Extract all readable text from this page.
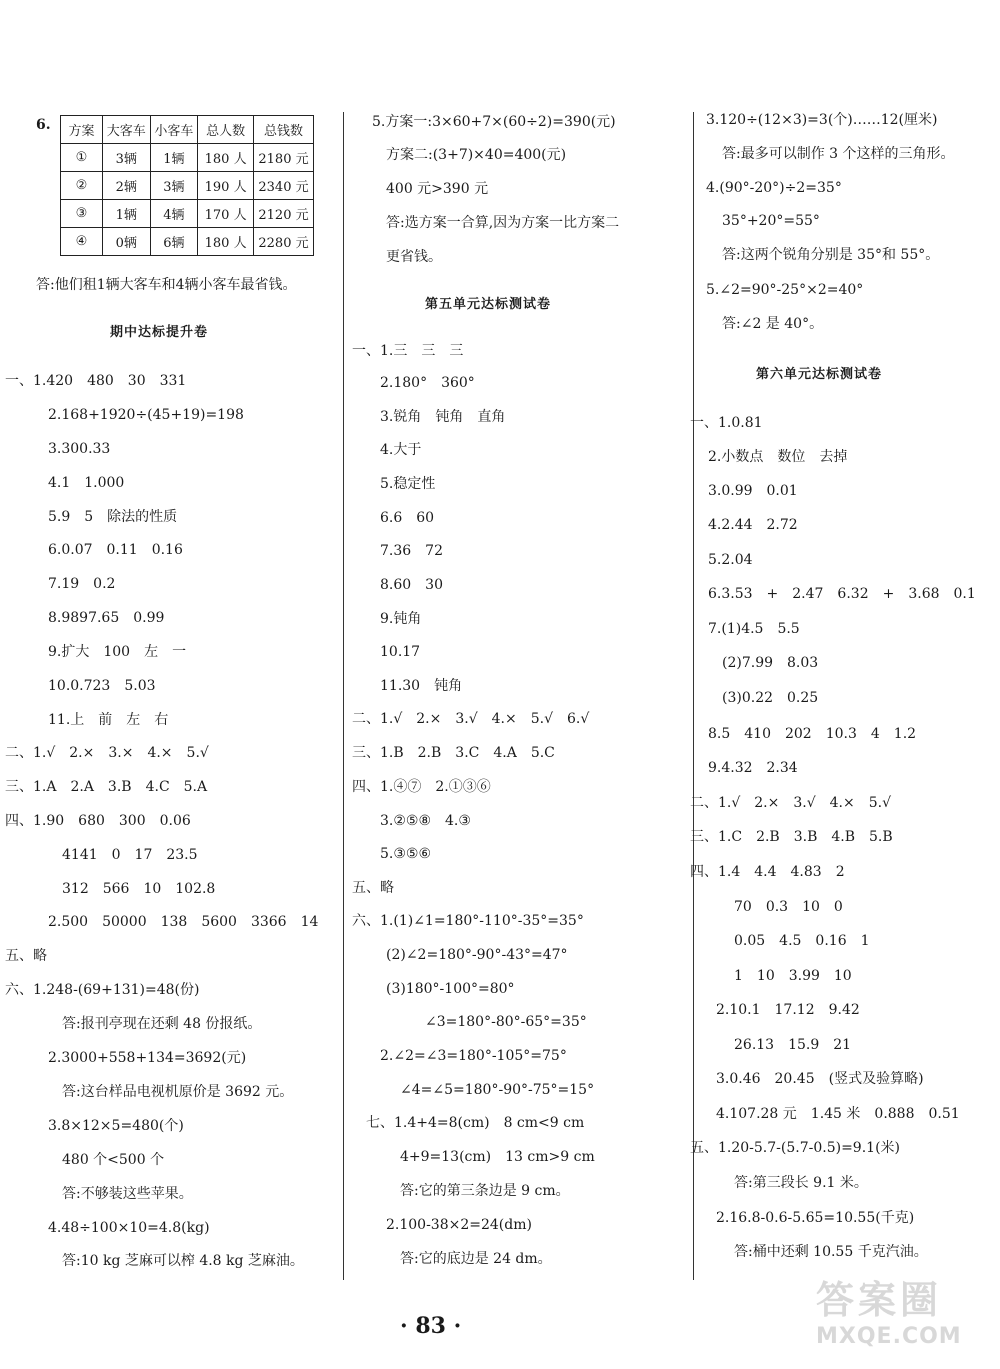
6. 方案	大客车	小客车	总人数	总钱数
①	3辆	1辆	180 人	2180 元
②	2辆	3辆	190 人	2340 元
③	1辆	4辆	170 人	2120 元
④	0辆	6辆	180 人	2280 元
答:他们租1辆大客车和4辆小客车最省钱。
期中达标提升卷
一、1.420　480　30　331
2.168+1920÷(45+19)=198
3.300.33
4.1　1.000
5.9　5　除法的性质
6.0.07　0.11　0.16
7.19　0.2
8.9897.65　0.99
9.扩大　100　左　一
10.0.723　5.03
11.上　前　左　右
二、1.√　2.×　3.×　4.×　5.√
三、1.A　2.A　3.B　4.C　5.A
四、1.90　680　300　0.06
4141　0　17　23.5
312　566　10　102.8
2.500　50000　138　5600　3366　14
五、略
六、1.248-(69+131)=48(份)
答:报刊亭现在还剩 48 份报纸。
2.3000+558+134=3692(元)
答:这台样品电视机原价是 3692 元。
3.8×12×5=480(个)
480 个<500 个
答:不够装这些苹果。
4.48÷100×10=4.8(kg)
答:10 kg 芝麻可以榨 4.8 kg 芝麻油。
5.方案一:3×60+7×(60÷2)=390(元)
方案二:(3+7)×40=400(元)
400 元>390 元
答:选方案一合算,因为方案一比方案二
更省钱。
第五单元达标测试卷
一、1.三　三　三
2.180°　360°
3.锐角　钝角　直角
4.大于
5.稳定性
6.6　60
7.36　72
8.60　30
9.钝角
10.17
11.30　钝角
二、1.√　2.×　3.√　4.×　5.√　6.√
三、1.B　2.B　3.C　4.A　5.C
四、1.④⑦　2.①③⑥
3.②⑤⑧　4.③
5.③⑤⑥
五、略
六、1.(1)∠1=180°-110°-35°=35°
(2)∠2=180°-90°-43°=47°
(3)180°-100°=80°
∠3=180°-80°-65°=35°
2.∠2=∠3=180°-105°=75°
∠4=∠5=180°-90°-75°=15°
七、1.4+4=8(cm)　8 cm<9 cm
4+9=13(cm)　13 cm>9 cm
答:它的第三条边是 9 cm。
2.100-38×2=24(dm)
答:它的底边是 24 dm。
3.120÷(12×3)=3(个)……12(厘米)
答:最多可以制作 3 个这样的三角形。
4.(90°-20°)÷2=35°
35°+20°=55°
答:这两个锐角分别是 35°和 55°。
5.∠2=90°-25°×2=40°
答:∠2 是 40°。
第六单元达标测试卷
一、1.0.81
2.小数点　数位　去掉
3.0.99　0.01
4.2.44　2.72
5.2.04
6.3.53　+　2.47　6.32　+　3.68　0.1
7.(1)4.5　5.5
(2)7.99　8.03
(3)0.22　0.25
8.5　410　202　10.3　4　1.2
9.4.32　2.34
二、1.√　2.×　3.√　4.×　5.√
三、1.C　2.B　3.B　4.B　5.B
四、1.4　4.4　4.83　2
70　0.3　10　0
0.05　4.5　0.16　1
1　10　3.99　10
2.10.1　17.12　9.42
26.13　15.9　21
3.0.46　20.45　(竖式及验算略)
4.107.28 元　1.45 米　0.888　0.51
五、1.20-5.7-(5.7-0.5)=9.1(米)
答:第三段长 9.1 米。
2.16.8-0.6-5.65=10.55(千克)
答:桶中还剩 10.55 千克汽油。
· 83 ·
答案圈
MXQE.COM
